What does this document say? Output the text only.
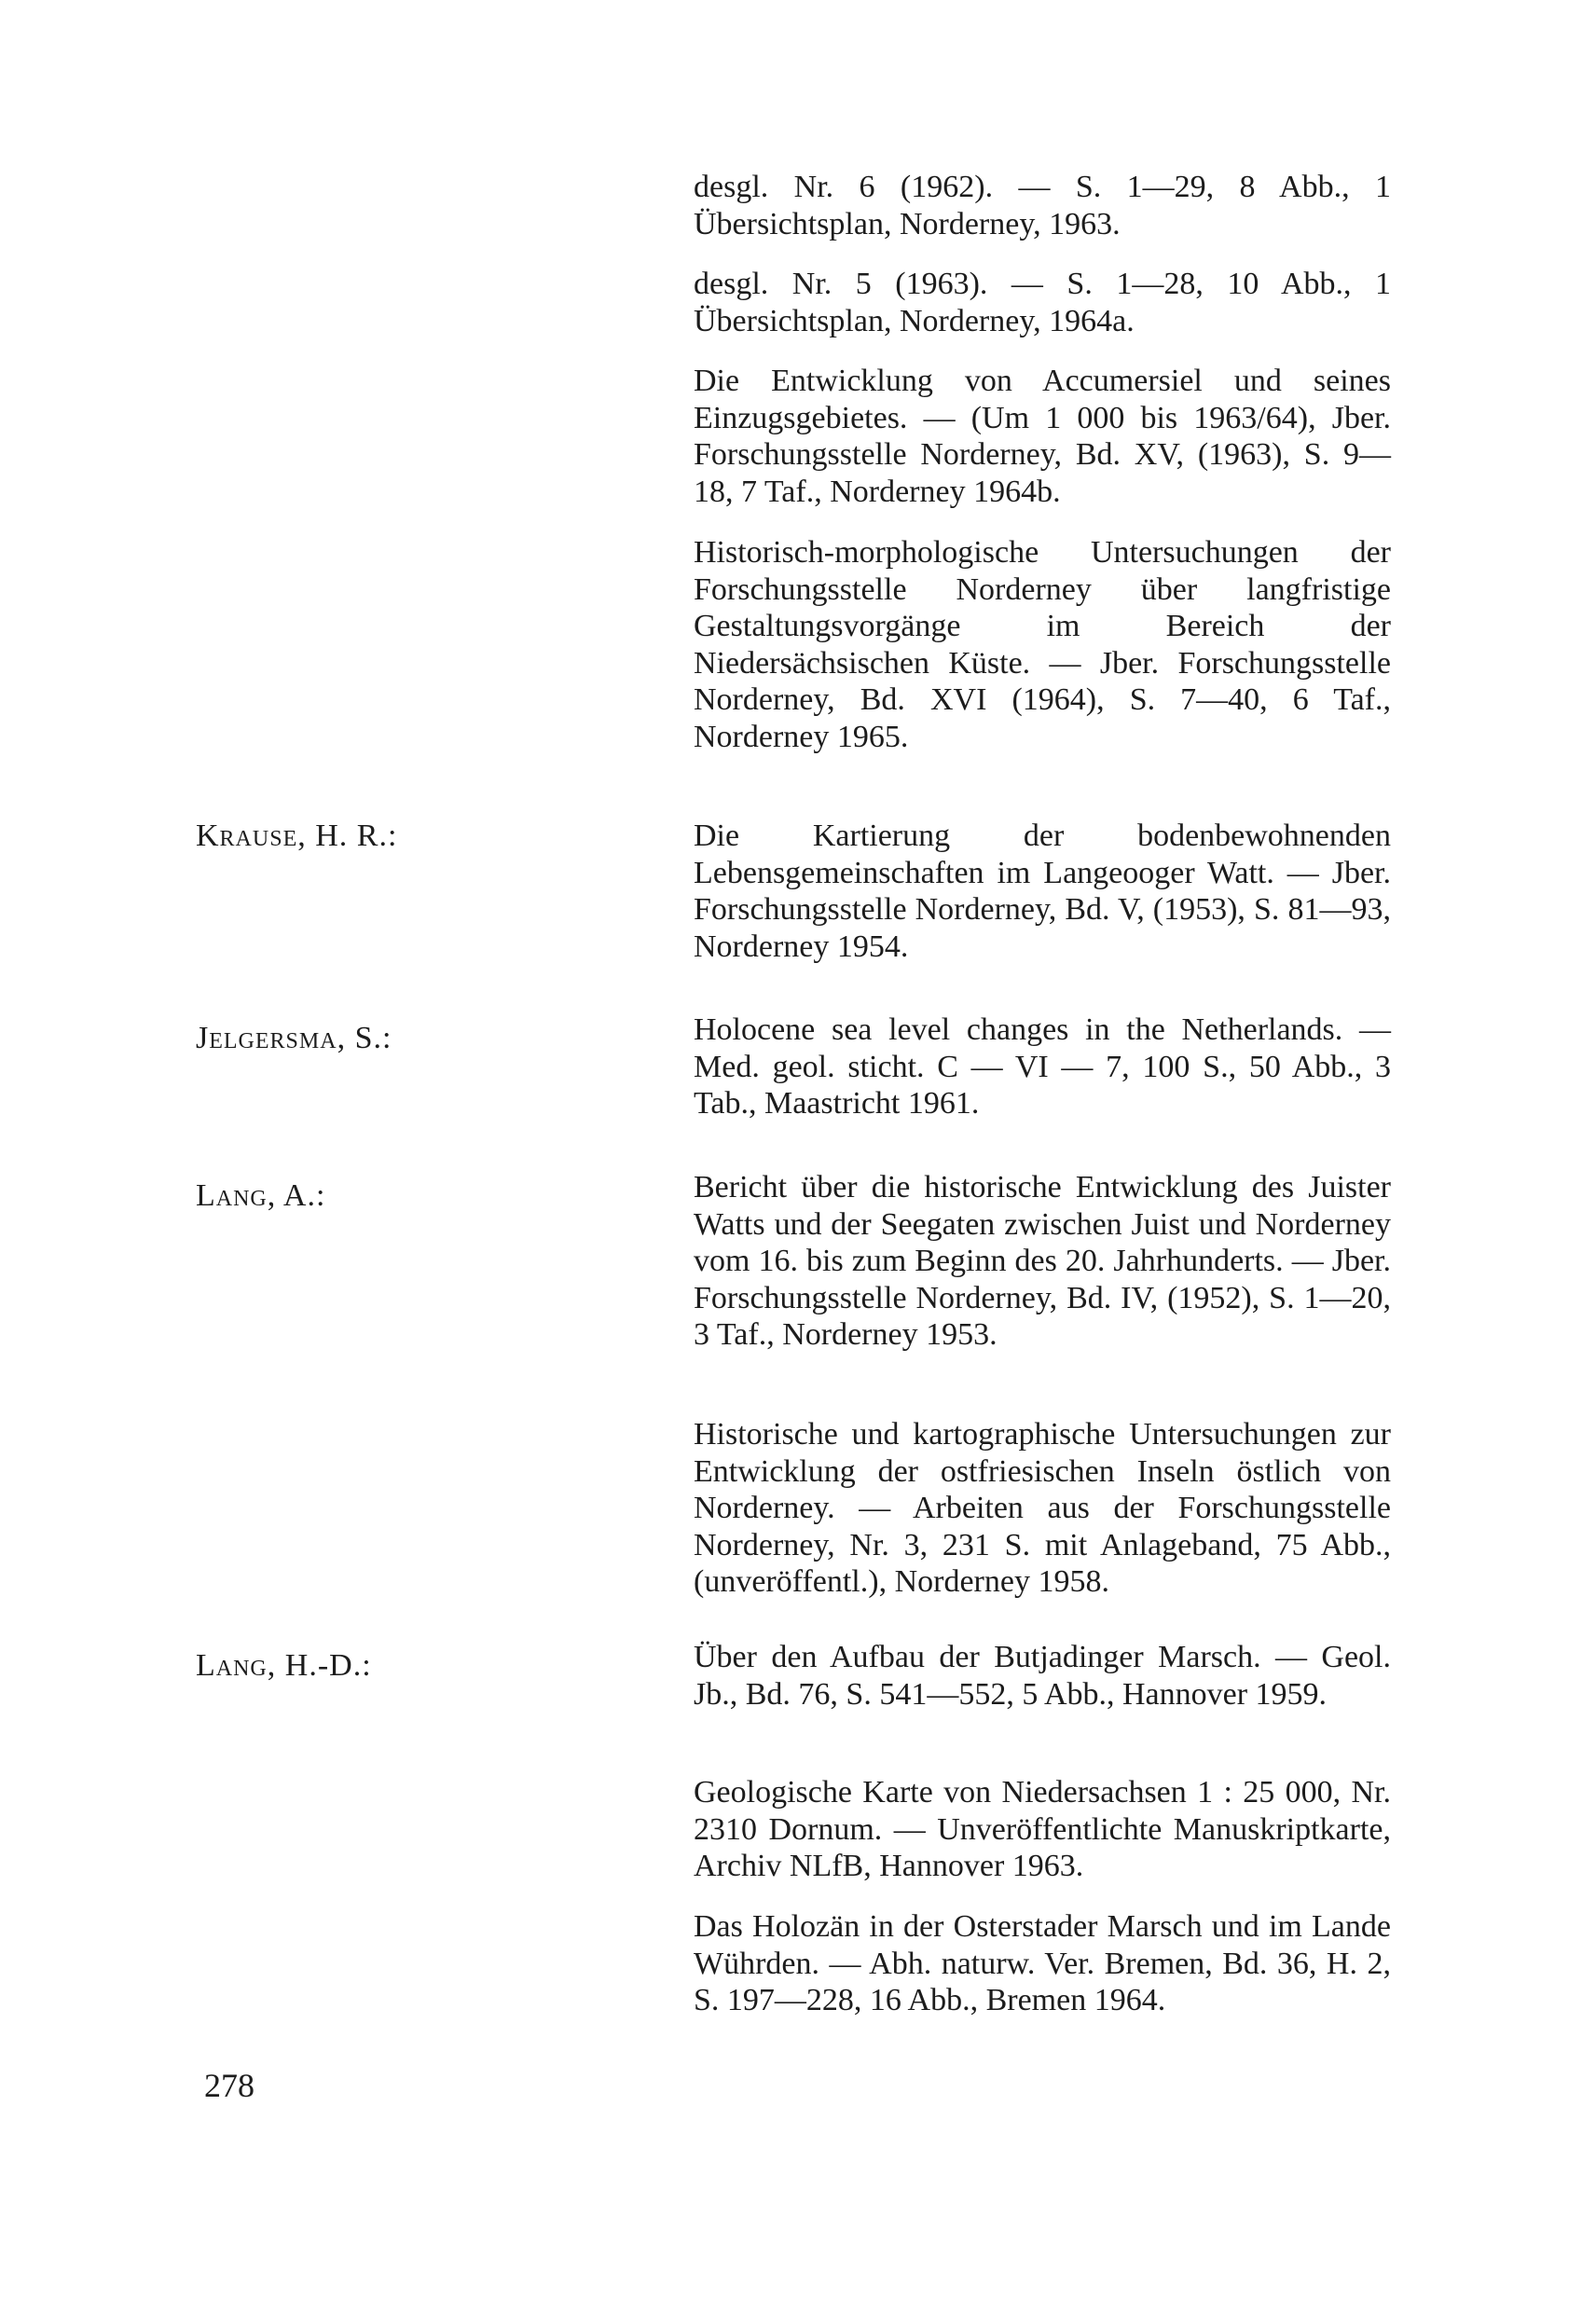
desgl. Nr. 6 (1962). — S. 1—29, 8 Abb., 1 Übersichtsplan, Norderney, 1963.

desgl. Nr. 5 (1963). — S. 1—28, 10 Abb., 1 Übersichtsplan, Norderney, 1964a.

Die Entwicklung von Accumersiel und seines Einzugsgebietes. — (Um 1 000 bis 1963/64), Jber. Forschungsstelle Norderney, Bd. XV, (1963), S. 9—18, 7 Taf., Norderney 1964b.

Historisch-morphologische Untersuchungen der Forschungsstelle Norderney über langfristige Gestaltungsvorgänge im Bereich der Niedersächsischen Küste. — Jber. Forschungsstelle Norderney, Bd. XVI (1964), S. 7—40, 6 Taf., Norderney 1965.

Krause, H. R.:	Die Kartierung der bodenbewohnenden Lebensgemeinschaften im Langeooger Watt. — Jber. Forschungsstelle Norderney, Bd. V, (1953), S. 81—93, Norderney 1954.

Jelgersma, S.:	Holocene sea level changes in the Netherlands. — Med. geol. sticht. C — VI — 7, 100 S., 50 Abb., 3 Tab., Maastricht 1961.

Lang, A.:	Bericht über die historische Entwicklung des Juister Watts und der Seegaten zwischen Juist und Norderney vom 16. bis zum Beginn des 20. Jahrhunderts. — Jber. Forschungsstelle Norderney, Bd. IV, (1952), S. 1—20, 3 Taf., Norderney 1953.

Historische und kartographische Untersuchungen zur Entwicklung der ostfriesischen Inseln östlich von Norderney. — Arbeiten aus der Forschungsstelle Norderney, Nr. 3, 231 S. mit Anlageband, 75 Abb., (unveröffentl.), Norderney 1958.

Lang, H.-D.:	Über den Aufbau der Butjadinger Marsch. — Geol. Jb., Bd. 76, S. 541—552, 5 Abb., Hannover 1959.

Geologische Karte von Niedersachsen 1 : 25 000, Nr. 2310 Dornum. — Unveröffentlichte Manuskriptkarte, Archiv NLfB, Hannover 1963.

Das Holozän in der Osterstader Marsch und im Lande Wührden. — Abh. naturw. Ver. Bremen, Bd. 36, H. 2, S. 197—228, 16 Abb., Bremen 1964.

278
